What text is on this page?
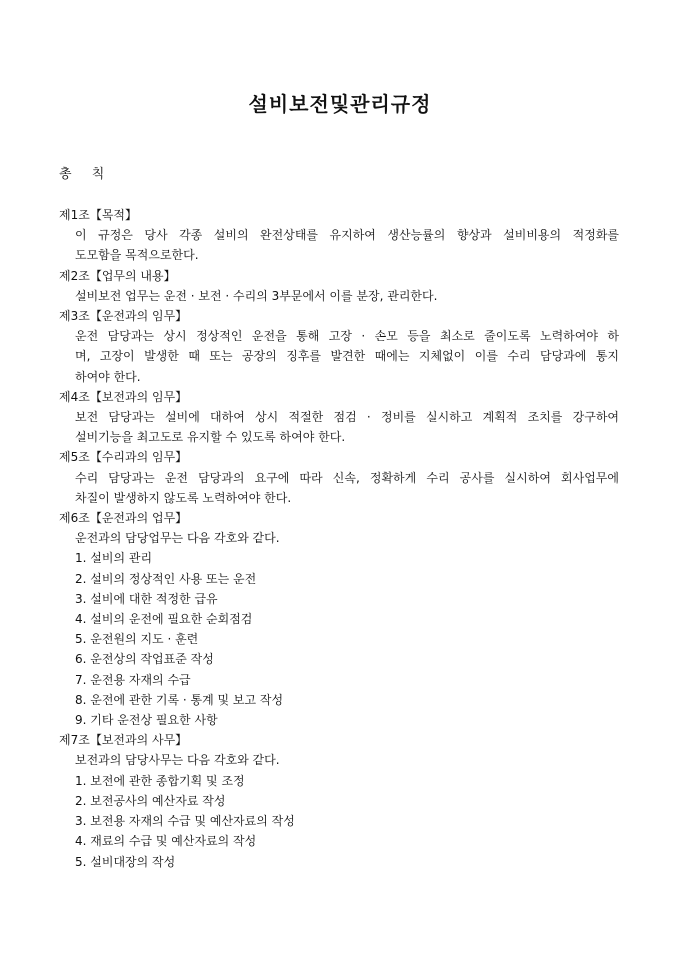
설비보전및관리규정
총 칙
제1조【목적】
이 규정은 당사 각종 설비의 완전상태를 유지하여 생산능률의 향상과 설비비용의 적정화를
도모함을 목적으로한다.
제2조【업무의 내용】
설비보전 업무는 운전 · 보전 · 수리의 3부문에서 이를 분장, 관리한다.
제3조【운전과의 임무】
운전 담당과는 상시 정상적인 운전을 통해 고장 · 손모 등을 최소로 줄이도록 노력하여야 하
며, 고장이 발생한 때 또는 공장의 징후를 발견한 때에는 지체없이 이를 수리 담당과에 통지
하여야 한다.
제4조【보전과의 임무】
보전 담당과는 설비에 대하여 상시 적절한 점검 · 정비를 실시하고 계획적 조치를 강구하여
설비기능을 최고도로 유지할 수 있도록 하여야 한다.
제5조【수리과의 임무】
수리 담당과는 운전 담당과의 요구에 따라 신속, 정확하게 수리 공사를 실시하여 회사업무에
차질이 발생하지 않도록 노력하여야 한다.
제6조【운전과의 업무】
운전과의 담당업무는 다음 각호와 같다.
1. 설비의 관리
2. 설비의 정상적인 사용 또는 운전
3. 설비에 대한 적정한 급유
4. 설비의 운전에 필요한 순회점검
5. 운전원의 지도 · 훈련
6. 운전상의 작업표준 작성
7. 운전용 자재의 수급
8. 운전에 관한 기록 · 통계 및 보고 작성
9. 기타 운전상 필요한 사항
제7조【보전과의 사무】
보전과의 담당사무는 다음 각호와 같다.
1. 보전에 관한 종합기획 및 조정
2. 보전공사의 예산자료 작성
3. 보전용 자재의 수급 및 예산자료의 작성
4. 재료의 수급 및 예산자료의 작성
5. 설비대장의 작성
